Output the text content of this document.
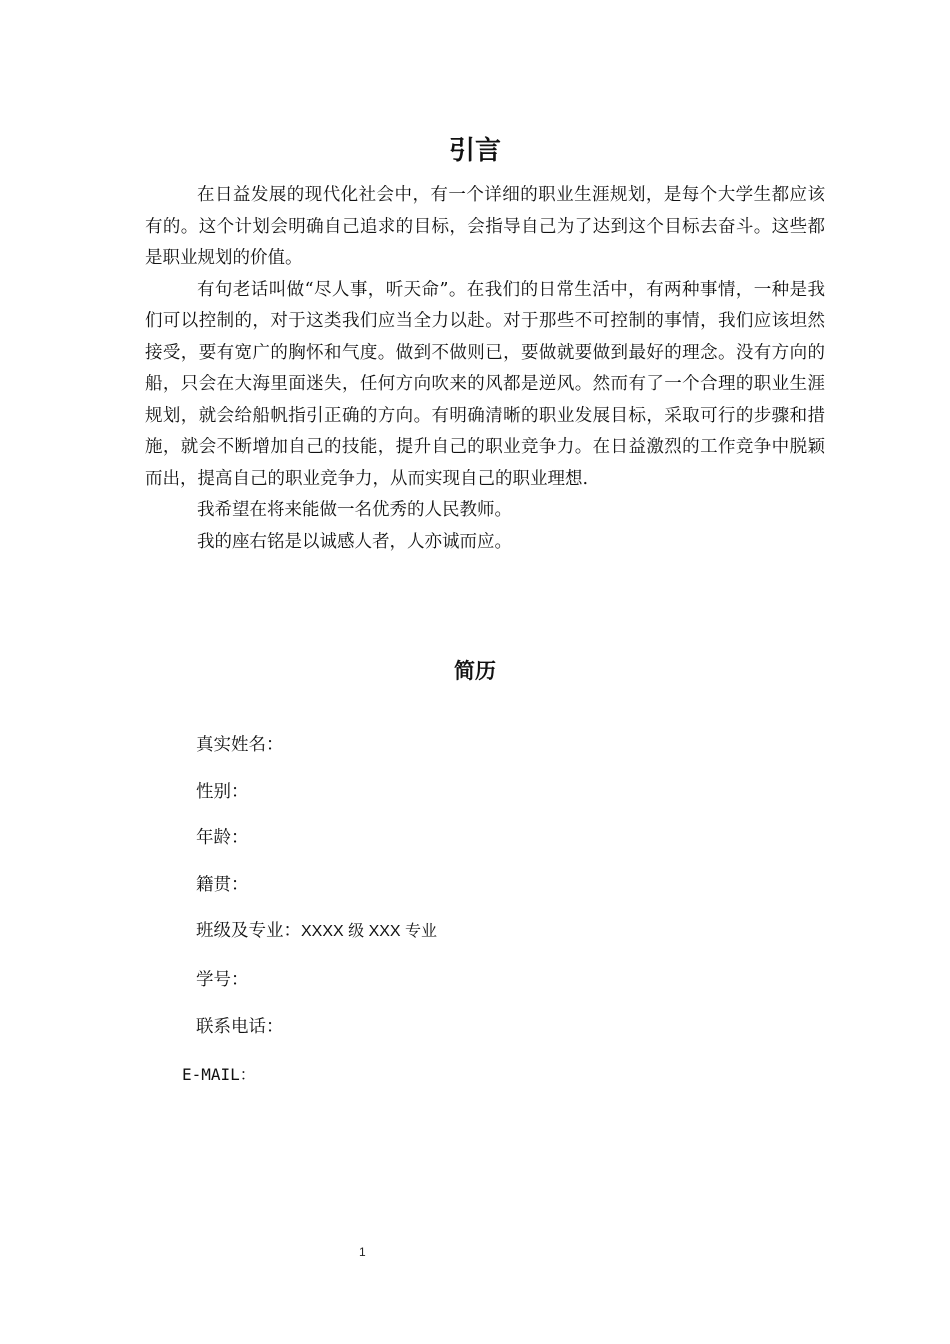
引言

在日益发展的现代化社会中，有一个详细的职业生涯规划，是每个大学生都应该有的。这个计划会明确自己追求的目标，会指导自己为了达到这个目标去奋斗。这些都是职业规划的价值。

有句老话叫做“尽人事，听天命”。在我们的日常生活中，有两种事情，一种是我们可以控制的，对于这类我们应当全力以赴。对于那些不可控制的事情，我们应该坦然接受，要有宽广的胸怀和气度。做到不做则已，要做就要做到最好的理念。没有方向的船，只会在大海里面迷失，任何方向吹来的风都是逆风。然而有了一个合理的职业生涯规划，就会给船帆指引正确的方向。有明确清晰的职业发展目标，采取可行的步骤和措施，就会不断增加自己的技能，提升自己的职业竞争力。在日益激烈的工作竞争中脱颖而出，提高自己的职业竞争力，从而实现自己的职业理想.

我希望在将来能做一名优秀的人民教师。

我的座右铭是以诚感人者，人亦诚而应。

简历
真实姓名：
性别：
年龄：
籍贯：
班级及专业：XXXX 级 XXX 专业
学号：
联系电话：
E-MAIL：
1
